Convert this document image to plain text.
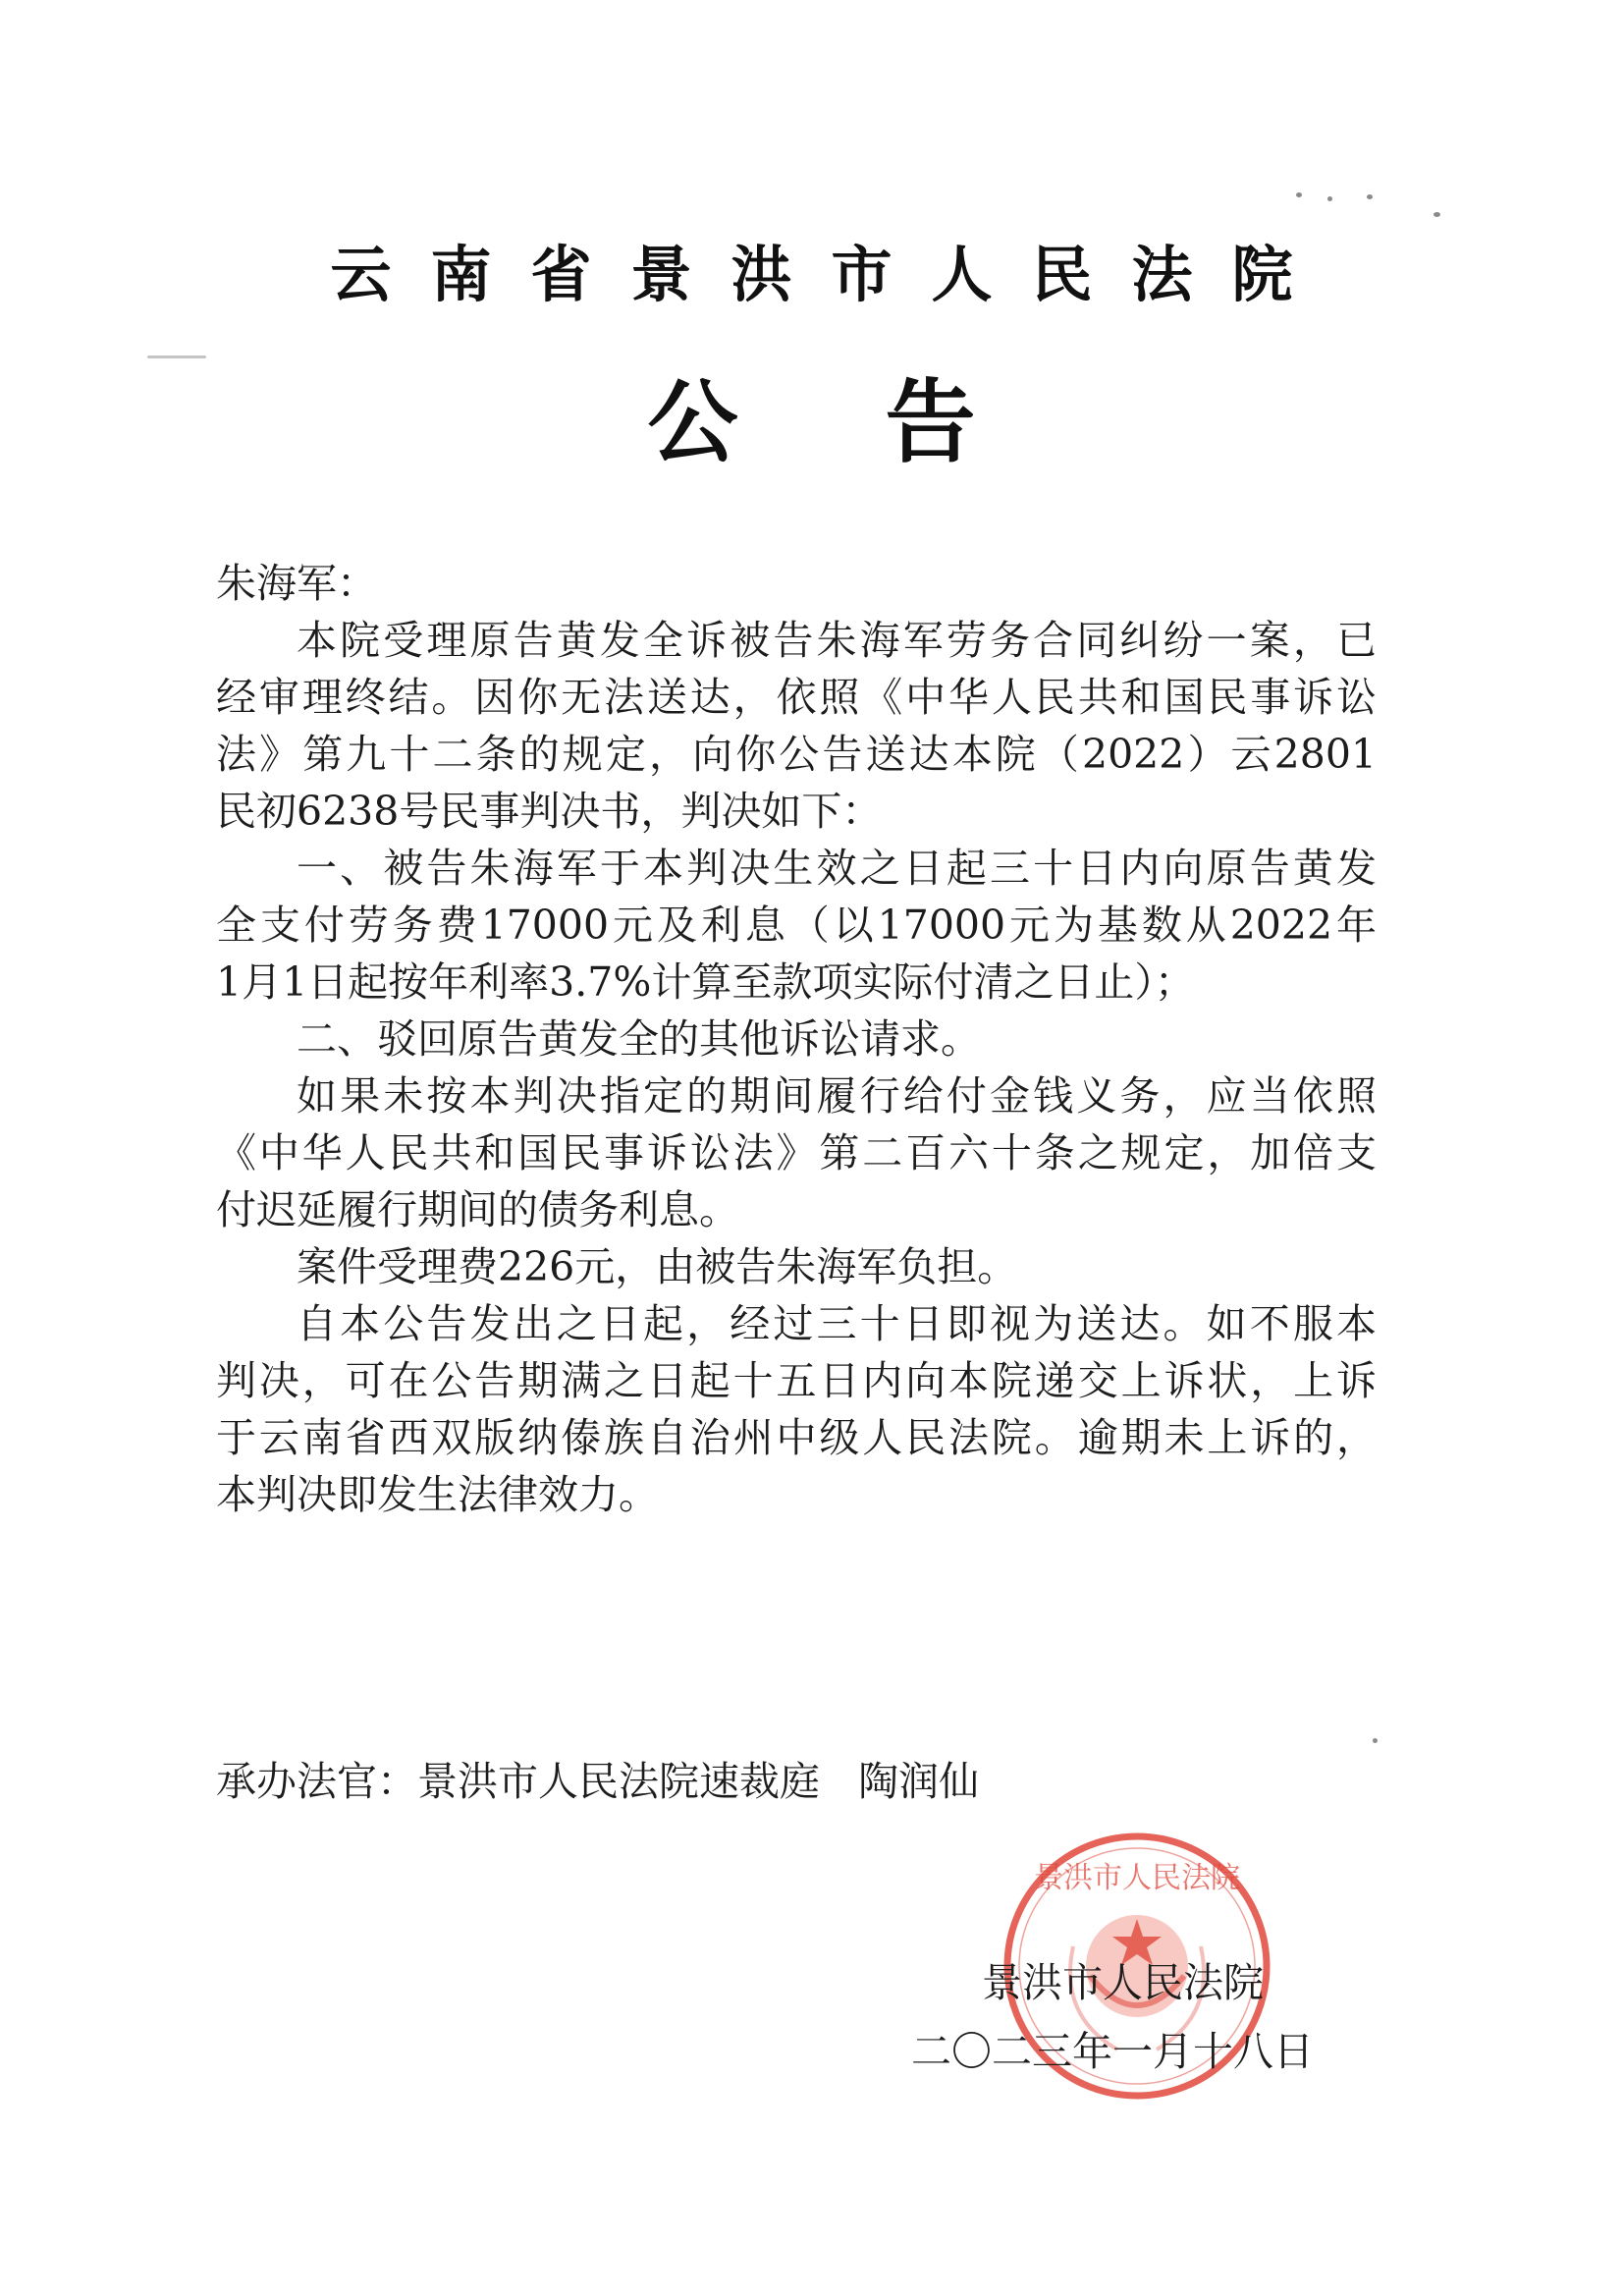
云南省景洪市人民法院
公告
朱海军：
本院受理原告黄发全诉被告朱海军劳务合同纠纷一案，已
经审理终结。因你无法送达，依照《中华人民共和国民事诉讼
法》第九十二条的规定，向你公告送达本院（2022）云2801
民初6238号民事判决书，判决如下：
一、被告朱海军于本判决生效之日起三十日内向原告黄发
全支付劳务费17000元及利息（以17000元为基数从2022年
1月1日起按年利率3.7%计算至款项实际付清之日止）；
二、驳回原告黄发全的其他诉讼请求。
如果未按本判决指定的期间履行给付金钱义务，应当依照
《中华人民共和国民事诉讼法》第二百六十条之规定，加倍支
付迟延履行期间的债务利息。
案件受理费226元，由被告朱海军负担。
自本公告发出之日起，经过三十日即视为送达。如不服本
判决，可在公告期满之日起十五日内向本院递交上诉状，上诉
于云南省西双版纳傣族自治州中级人民法院。逾期未上诉的，
本判决即发生法律效力。
承办法官：景洪市人民法院速裁庭 陶润仙
景洪市人民法院
景洪市人民法院
二〇二三年一月十八日
